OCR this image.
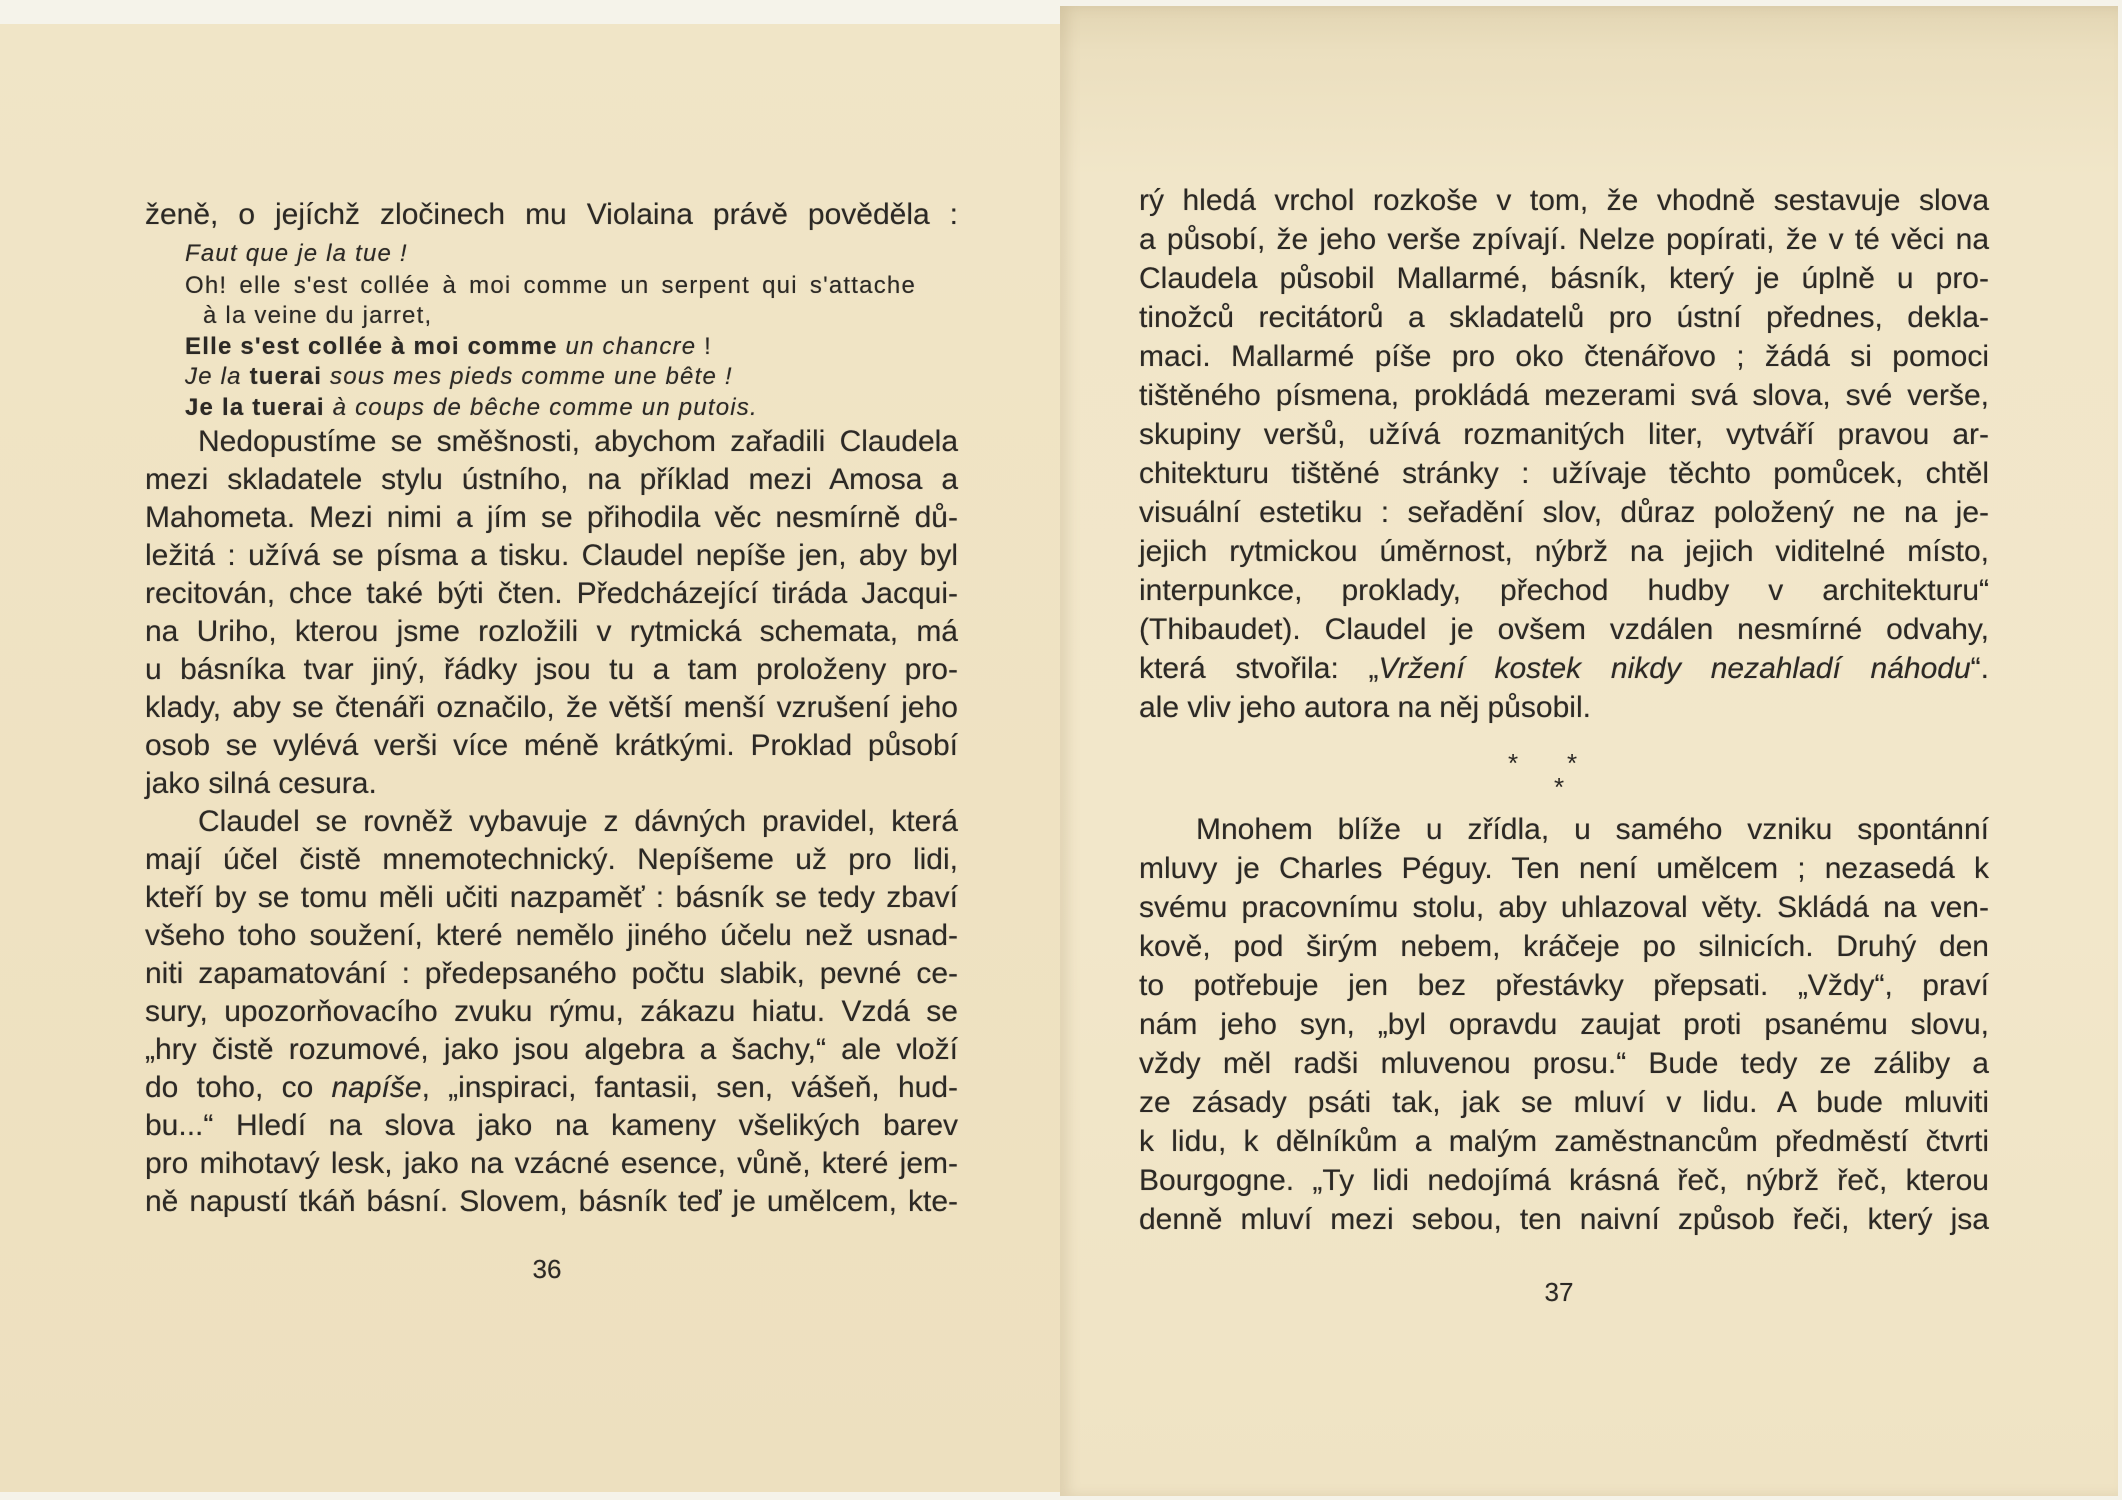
ženě, o jejíchž zločinech mu Violaina právě pověděla :
Faut que je la tue !
Oh! elle s'est collée à moi comme un serpent qui s'attache
à la veine du jarret,
Elle s'est collée à moi comme un chancre !
Je la tuerai sous mes pieds comme une bête !
Je la tuerai à coups de bêche comme un putois.
Nedopustíme se směšnosti, abychom zařadili Claudela
mezi skladatele stylu ústního, na příklad mezi Amosa a
Mahometa. Mezi nimi a jím se přihodila věc nesmírně dů-
ležitá : užívá se písma a tisku. Claudel nepíše jen, aby byl
recitován, chce také býti čten. Předcházející tiráda Jacqui-
na Uriho, kterou jsme rozložili v rytmická schemata, má
u básníka tvar jiný, řádky jsou tu a tam proloženy pro-
klady, aby se čtenáři označilo, že větší menší vzrušení jeho
osob se vylévá verši více méně krátkými. Proklad působí
jako silná cesura.
Claudel se rovněž vybavuje z dávných pravidel, která
mají účel čistě mnemotechnický. Nepíšeme už pro lidi,
kteří by se tomu měli učiti nazpaměť : básník se tedy zbaví
všeho toho soužení, které nemělo jiného účelu než usnad-
niti zapamatování : předepsaného počtu slabik, pevné ce-
sury, upozorňovacího zvuku rýmu, zákazu hiatu. Vzdá se
„hry čistě rozumové, jako jsou algebra a šachy,“ ale vloží
do toho, co napíše, „inspiraci, fantasii, sen, vášeň, hud-
bu...“ Hledí na slova jako na kameny všelikých barev
pro mihotavý lesk, jako na vzácné esence, vůně, které jem-
ně napustí tkáň básní. Slovem, básník teď je umělcem, kte-
36
rý hledá vrchol rozkoše v tom, že vhodně sestavuje slova
a působí, že jeho verše zpívají. Nelze popírati, že v té věci na
Claudela působil Mallarmé, básník, který je úplně u pro-
tinožců recitátorů a skladatelů pro ústní přednes, dekla-
maci. Mallarmé píše pro oko čtenářovo ; žádá si pomoci
tištěného písmena, prokládá mezerami svá slova, své verše,
skupiny veršů, užívá rozmanitých liter, vytváří pravou ar-
chitekturu tištěné stránky : užívaje těchto pomůcek, chtěl
visuální estetiku : seřadění slov, důraz položený ne na je-
jejich rytmickou úměrnost, nýbrž na jejich viditelné místo,
interpunkce, proklady, přechod hudby v architekturu“
(Thibaudet). Claudel je ovšem vzdálen nesmírné odvahy,
která stvořila: „Vržení kostek nikdy nezahladí náhodu“.
ale vliv jeho autora na něj působil.
* *
*
Mnohem blíže u zřídla, u samého vzniku spontánní
mluvy je Charles Péguy. Ten není umělcem ; nezasedá k
svému pracovnímu stolu, aby uhlazoval věty. Skládá na ven-
kově, pod širým nebem, kráčeje po silnicích. Druhý den
to potřebuje jen bez přestávky přepsati. „Vždy“, praví
nám jeho syn, „byl opravdu zaujat proti psanému slovu,
vždy měl radši mluvenou prosu.“ Bude tedy ze záliby a
ze zásady psáti tak, jak se mluví v lidu. A bude mluviti
k lidu, k dělníkům a malým zaměstnancům předměstí čtvrti
Bourgogne. „Ty lidi nedojímá krásná řeč, nýbrž řeč, kterou
denně mluví mezi sebou, ten naivní způsob řeči, který jsa
37
